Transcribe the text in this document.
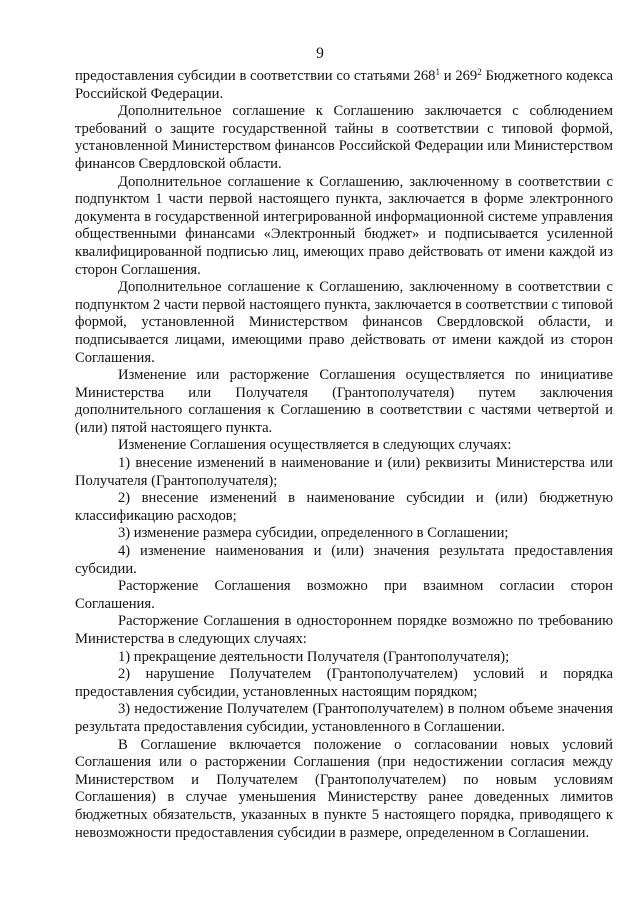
9

предоставления субсидии в соответствии со статьями $268^1$ и $269^2$ Бюджетного кодекса Российской Федерации.

Дополнительное соглашение к Соглашению заключается с соблюдением требований о защите государственной тайны в соответствии с типовой формой, установленной Министерством финансов Российской Федерации или Министерством финансов Свердловской области.

Дополнительное соглашение к Соглашению, заключенному в соответствии с подпунктом 1 части первой настоящего пункта, заключается в форме электронного документа в государственной интегрированной информационной системе управления общественными финансами «Электронный бюджет» и подписывается усиленной квалифицированной подписью лиц, имеющих право действовать от имени каждой из сторон Соглашения.

Дополнительное соглашение к Соглашению, заключенному в соответствии с подпунктом 2 части первой настоящего пункта, заключается в соответствии с типовой формой, установленной Министерством финансов Свердловской области, и подписывается лицами, имеющими право действовать от имени каждой из сторон Соглашения.

Изменение или расторжение Соглашения осуществляется по инициативе Министерства или Получателя (Грантополучателя) путем заключения дополнительного соглашения к Соглашению в соответствии с частями четвертой и (или) пятой настоящего пункта.

Изменение Соглашения осуществляется в следующих случаях:

1) внесение изменений в наименование и (или) реквизиты Министерства или Получателя (Грантополучателя);

2) внесение изменений в наименование субсидии и (или) бюджетную классификацию расходов;

3) изменение размера субсидии, определенного в Соглашении;

4) изменение наименования и (или) значения результата предоставления субсидии.

Расторжение Соглашения возможно при взаимном согласии сторон Соглашения.

Расторжение Соглашения в одностороннем порядке возможно по требованию Министерства в следующих случаях:

1) прекращение деятельности Получателя (Грантополучателя);

2) нарушение Получателем (Грантополучателем) условий и порядка предоставления субсидии, установленных настоящим порядком;

3) недостижение Получателем (Грантополучателем) в полном объеме значения результата предоставления субсидии, установленного в Соглашении.

В Соглашение включается положение о согласовании новых условий Соглашения или о расторжении Соглашения (при недостижении согласия между Министерством и Получателем (Грантополучателем) по новым условиям Соглашения) в случае уменьшения Министерству ранее доведенных лимитов бюджетных обязательств, указанных в пункте 5 настоящего порядка, приводящего к невозможности предоставления субсидии в размере, определенном в Соглашении.
